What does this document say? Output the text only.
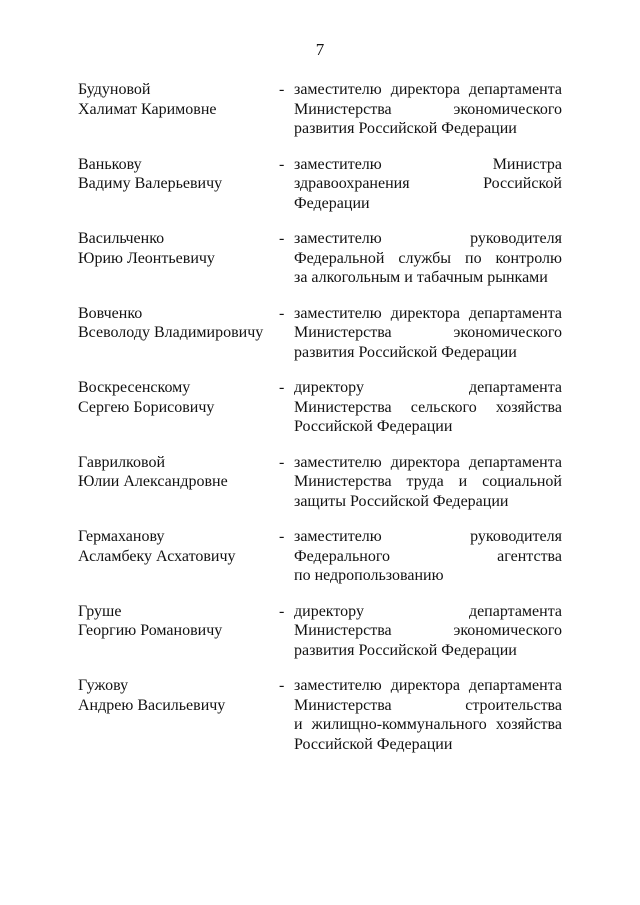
7
Будуновой
Халимат Каримовне
- заместителю директора департамента
Министерства	экономического
развития Российской Федерации
Ванькову
Вадиму Валерьевичу
- заместителю	Министра
здравоохранения	Российской
Федерации
Васильченко
Юрию Леонтьевичу
- заместителю	руководителя
Федеральной службы по контролю
за алкогольным и табачным рынками
Вовченко
Всеволоду Владимировичу
- заместителю директора департамента
Министерства	экономического
развития Российской Федерации
Воскресенскому
Сергею Борисовичу
- директору	департамента
Министерства сельского хозяйства
Российской Федерации
Гаврилковой
Юлии Александровне
- заместителю директора департамента
Министерства труда и социальной
защиты Российской Федерации
Гермаханову
Асламбеку Асхатовичу
- заместителю	руководителя
Федерального	агентства
по недропользованию
Груше
Георгию Романовичу
- директору	департамента
Министерства	экономического
развития Российской Федерации
Гужову
Андрею Васильевичу
- заместителю директора департамента
Министерства	строительства
и жилищно-коммунального хозяйства
Российской Федерации
